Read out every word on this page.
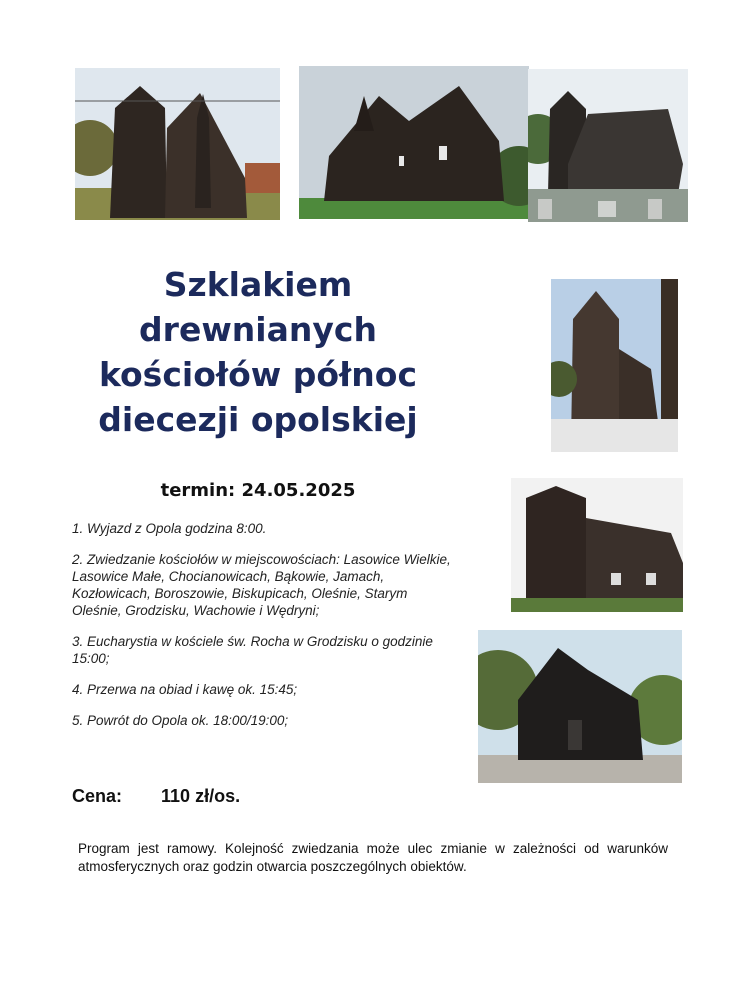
Szklakiem
drewnianych
kościołów północ
diecezji opolskiej
termin: 24.05.2025

1. Wyjazd z Opola godzina 8:00.

2. Zwiedzanie kościołów w miejscowościach: Lasowice Wielkie, Lasowice Małe, Chocianowicach, Bąkowie, Jamach, Kozłowicach, Boroszowie, Biskupicach, Oleśnie, Starym Oleśnie, Grodzisku, Wachowie i Wędryni;

3. Eucharystia w kościele św. Rocha w Grodzisku o godzinie 15:00;

4. Przerwa na obiad i kawę ok. 15:45;

5. Powrót do Opola ok. 18:00/19:00;

Cena: 110 zł/os.
Program jest ramowy. Kolejność zwiedzania może ulec zmianie w zależności od warunków atmosferycznych oraz godzin otwarcia poszczególnych obiektów.
